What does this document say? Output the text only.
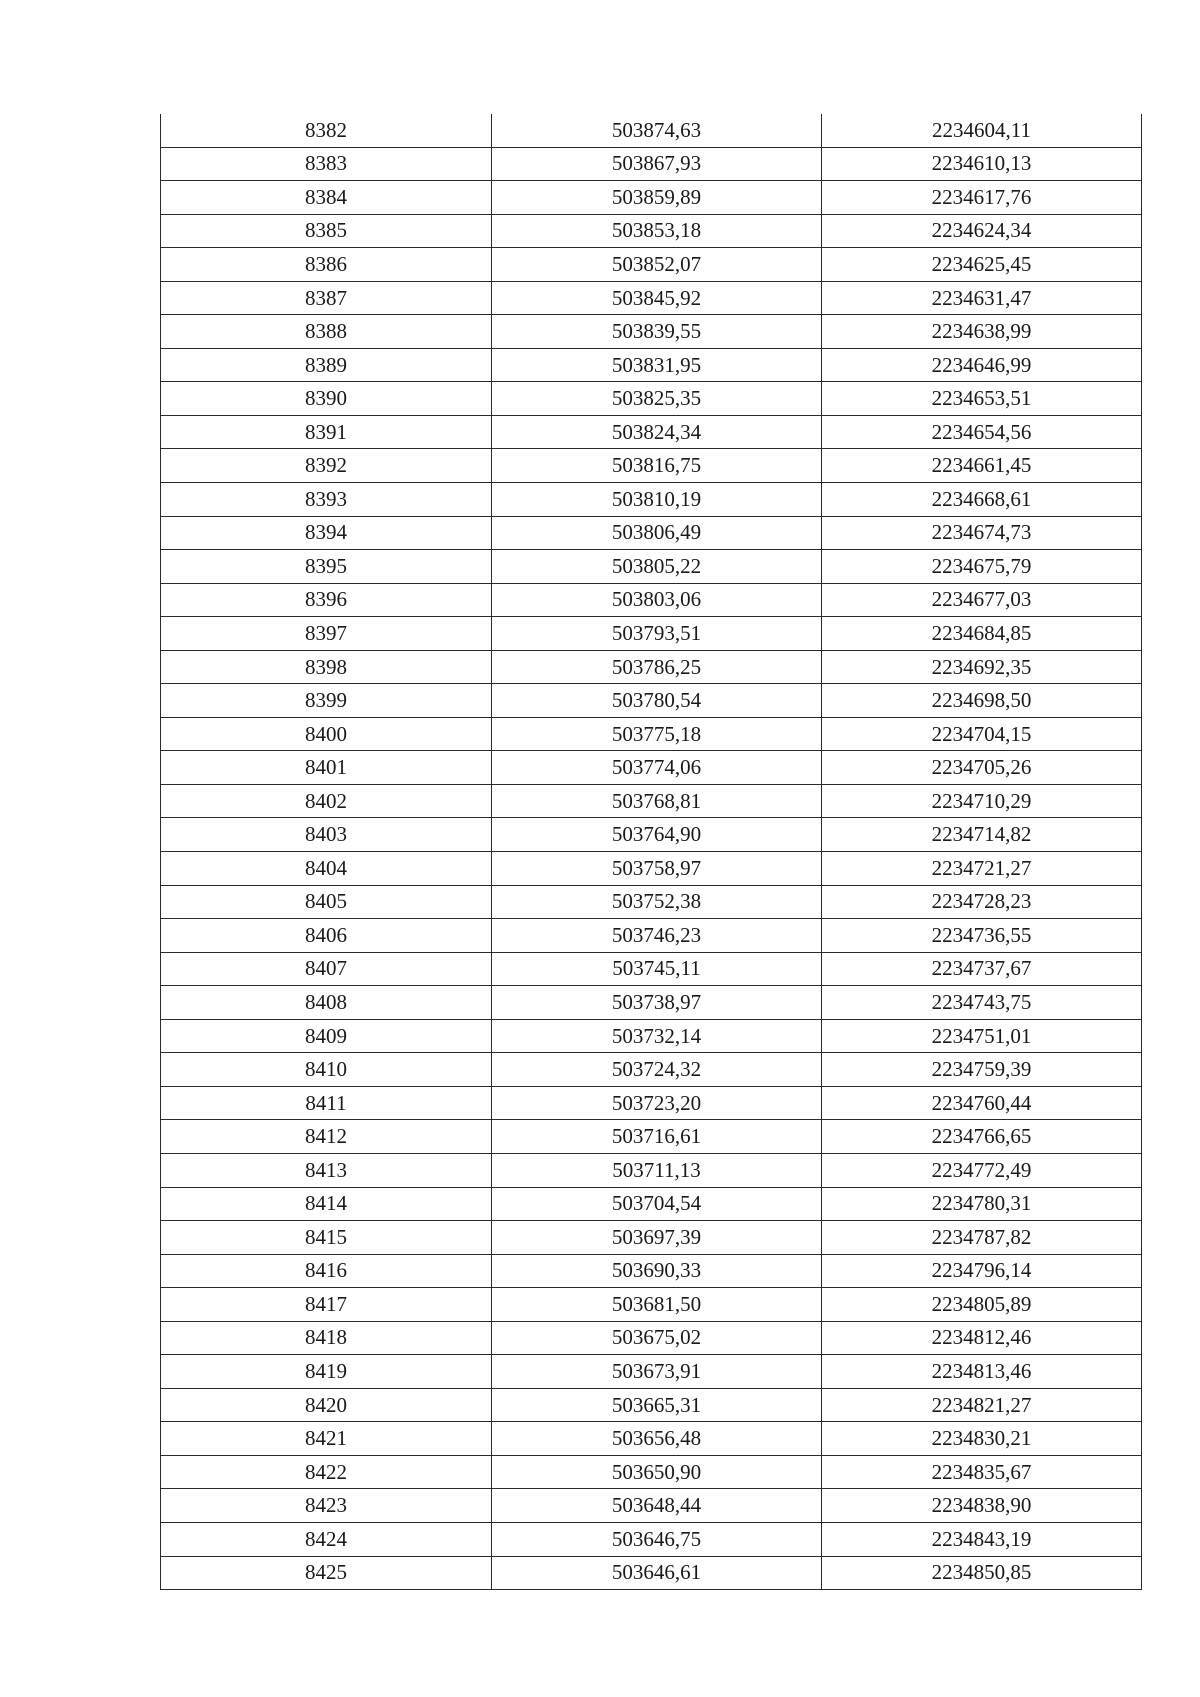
8382	503874,63	2234604,11
8383	503867,93	2234610,13
8384	503859,89	2234617,76
8385	503853,18	2234624,34
8386	503852,07	2234625,45
8387	503845,92	2234631,47
8388	503839,55	2234638,99
8389	503831,95	2234646,99
8390	503825,35	2234653,51
8391	503824,34	2234654,56
8392	503816,75	2234661,45
8393	503810,19	2234668,61
8394	503806,49	2234674,73
8395	503805,22	2234675,79
8396	503803,06	2234677,03
8397	503793,51	2234684,85
8398	503786,25	2234692,35
8399	503780,54	2234698,50
8400	503775,18	2234704,15
8401	503774,06	2234705,26
8402	503768,81	2234710,29
8403	503764,90	2234714,82
8404	503758,97	2234721,27
8405	503752,38	2234728,23
8406	503746,23	2234736,55
8407	503745,11	2234737,67
8408	503738,97	2234743,75
8409	503732,14	2234751,01
8410	503724,32	2234759,39
8411	503723,20	2234760,44
8412	503716,61	2234766,65
8413	503711,13	2234772,49
8414	503704,54	2234780,31
8415	503697,39	2234787,82
8416	503690,33	2234796,14
8417	503681,50	2234805,89
8418	503675,02	2234812,46
8419	503673,91	2234813,46
8420	503665,31	2234821,27
8421	503656,48	2234830,21
8422	503650,90	2234835,67
8423	503648,44	2234838,90
8424	503646,75	2234843,19
8425	503646,61	2234850,85
